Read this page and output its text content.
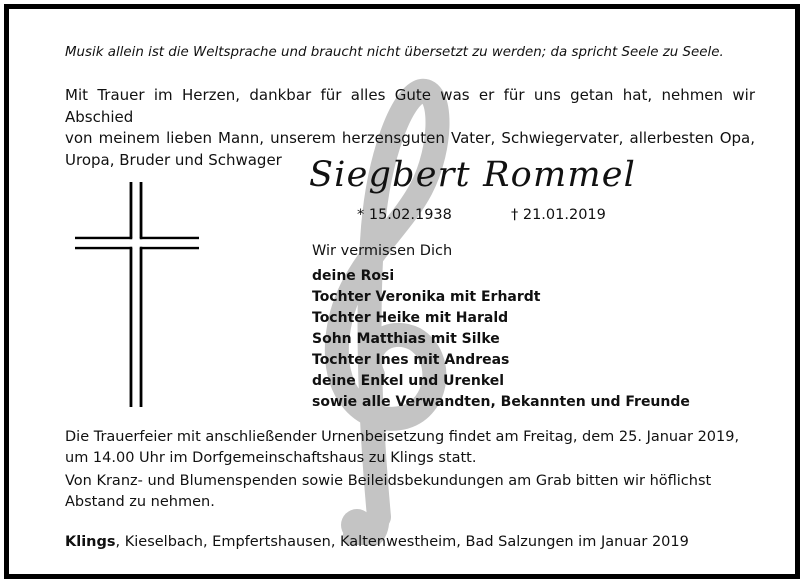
Musik allein ist die Weltsprache und braucht nicht übersetzt zu werden; da spricht Seele zu Seele.
Mit Trauer im Herzen, dankbar für alles Gute was er für uns getan hat, nehmen wir Abschied
von meinem lieben Mann, unserem herzensguten Vater, Schwiegervater, allerbesten Opa,
Uropa, Bruder und Schwager Siegbert Rommel
* 15.02.1938	† 21.01.2019
Wir vermissen Dich
deine Rosi
Tochter Veronika mit Erhardt
Tochter Heike mit Harald
Sohn Matthias mit Silke
Tochter Ines mit Andreas
deine Enkel und Urenkel
sowie alle Verwandten, Bekannten und Freunde
Die Trauerfeier mit anschließender Urnenbeisetzung findet am Freitag, dem 25. Januar 2019,
um 14.00 Uhr im Dorfgemeinschaftshaus zu Klings statt.
Von Kranz- und Blumenspenden sowie Beileidsbekundungen am Grab bitten wir höflichst
Abstand zu nehmen.
Klings, Kieselbach, Empfertshausen, Kaltenwestheim, Bad Salzungen im Januar 2019
